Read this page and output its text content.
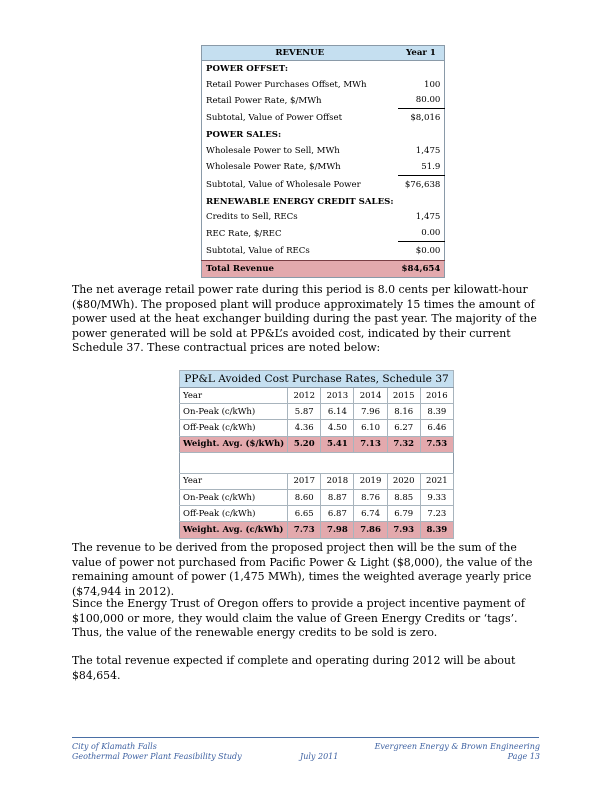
REVENUE	Year 1
POWER OFFSET:	
Retail Power Purchases Offset, MWh	100
Retail Power Rate, $/MWh	80.00
Subtotal, Value of Power Offset	$8,016
POWER SALES:	
Wholesale Power to Sell, MWh	1,475
Wholesale Power Rate, $/MWh	51.9
Subtotal, Value of Wholesale Power	$76,638
RENEWABLE ENERGY CREDIT SALES:	
Credits to Sell, RECs	1,475
REC Rate, $/REC	0.00
Subtotal, Value of RECs	$0.00
Total Revenue	$84,654

The net average retail power rate during this period is 8.0 cents per kilowatt-hour ($80/MWh). The proposed plant will produce approximately 15 times the amount of power used at the heat exchanger building during the past year. The majority of the power generated will be sold at PP&L’s avoided cost, indicated by their current Schedule 37. These contractual prices are noted below:

PP&L Avoided Cost Purchase Rates, Schedule 37					
Year	2012	2013	2014	2015	2016
On-Peak (c/kWh)	5.87	6.14	7.96	8.16	8.39
Off-Peak (c/kWh)	4.36	4.50	6.10	6.27	6.46
Weight. Avg. ($/kWh)	5.20	5.41	7.13	7.32	7.53

Year	2017	2018	2019	2020	2021
On-Peak (c/kWh)	8.60	8.87	8.76	8.85	9.33
Off-Peak (c/kWh)	6.65	6.87	6.74	6.79	7.23
Weight. Avg. (c/kWh)	7.73	7.98	7.86	7.93	8.39

The revenue to be derived from the proposed project then will be the sum of the value of power not purchased from Pacific Power & Light ($8,000), the value of the remaining amount of power (1,475 MWh), times the weighted average yearly price ($74,944 in 2012).

Since the Energy Trust of Oregon offers to provide a project incentive payment of $100,000 or more, they would claim the value of Green Energy Credits or ‘tags’. Thus, the value of the renewable energy credits to be sold is zero.

The total revenue expected if complete and operating during 2012 will be about $84,654.

City of Klamath Falls
Geothermal Power Plant Feasibility Study	July 2011
Evergreen Energy & Brown Engineering
Page 13
